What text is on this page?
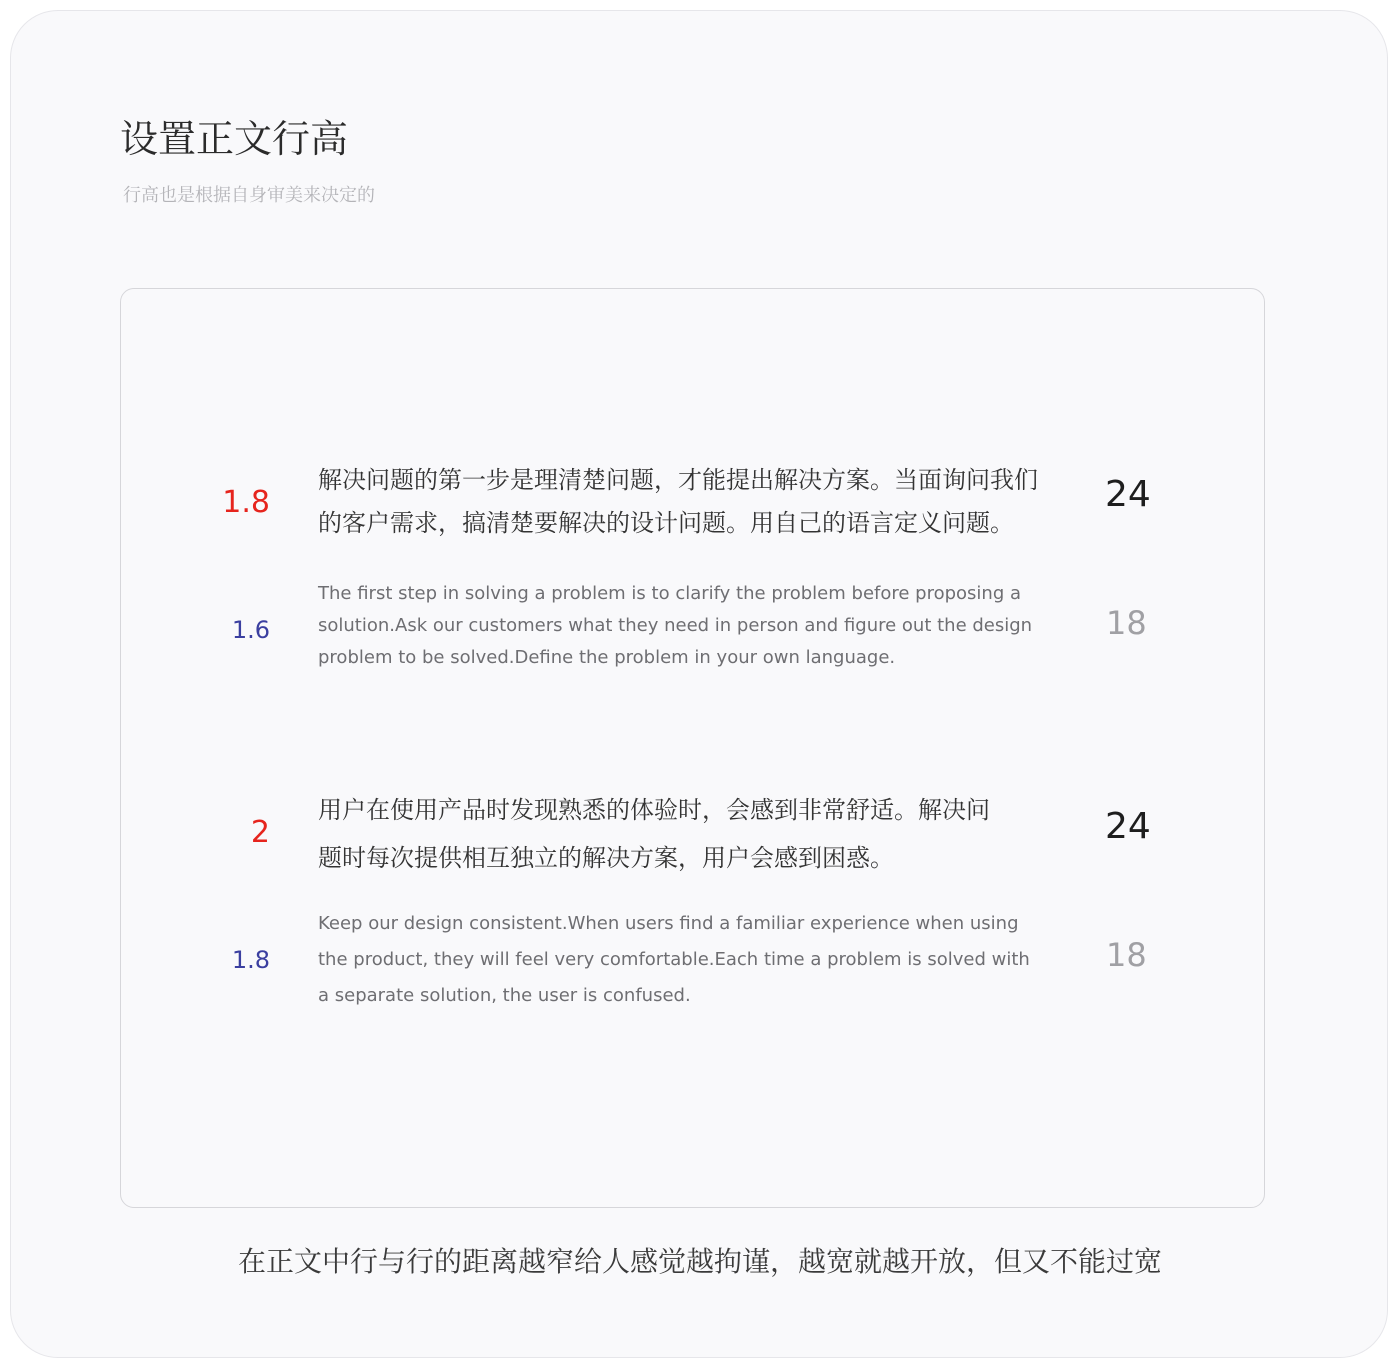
设置正文行高
行高也是根据自身审美来决定的
1.8
解决问题的第一步是理清楚问题，才能提出解决方案。当面询问我们
的客户需求，搞清楚要解决的设计问题。用自己的语言定义问题。
24
1.6
The first step in solving a problem is to clarify the problem before proposing a
solution.Ask our customers what they need in person and figure out the design
problem to be solved.Define the problem in your own language.
18
2
用户在使用产品时发现熟悉的体验时，会感到非常舒适。解决问
题时每次提供相互独立的解决方案，用户会感到困惑。
24
1.8
Keep our design consistent.When users find a familiar experience when using
the product, they will feel very comfortable.Each time a problem is solved with
a separate solution, the user is confused.
18
在正文中行与行的距离越窄给人感觉越拘谨，越宽就越开放，但又不能过宽
